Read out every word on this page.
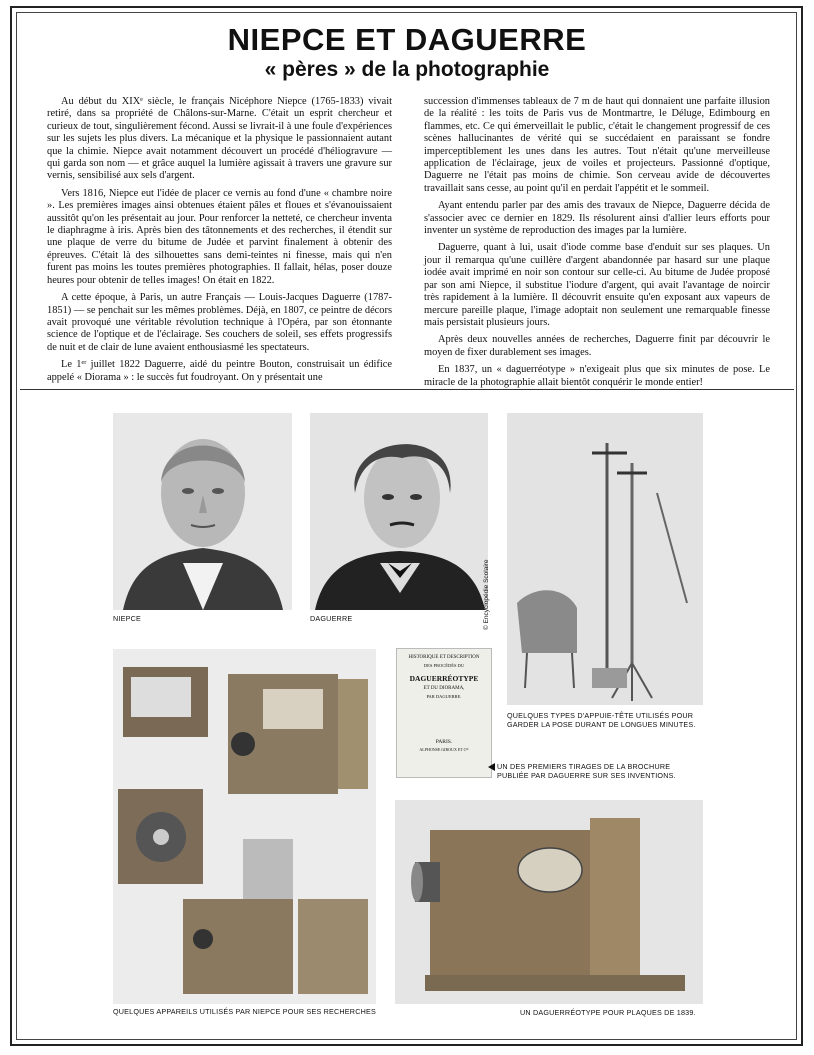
NIEPCE ET DAGUERRE
« pères » de la photographie

Au début du XIXᵉ siècle, le français Nicéphore Niepce (1765-1833) vivait retiré, dans sa propriété de Châlons-sur-Marne. C'était un esprit chercheur et curieux de tout, singulièrement fécond. Aussi se livrait-il à une foule d'expériences sur les sujets les plus divers. La mécanique et la physique le passionnaient autant que la chimie. Niepce avait notamment découvert un procédé d'héliogravure — qui garda son nom — et grâce auquel la lumière agissait à travers une gravure sur vernis, sensibilisé aux sels d'argent.

Vers 1816, Niepce eut l'idée de placer ce vernis au fond d'une « chambre noire ». Les premières images ainsi obtenues étaient pâles et floues et s'évanouissaient aussitôt qu'on les présentait au jour. Pour renforcer la netteté, ce chercheur inventa le diaphragme à iris. Après bien des tâtonnements et des recherches, il étendit sur une plaque de verre du bitume de Judée et parvint finalement à obtenir des épreuves. C'était là des silhouettes sans demi-teintes ni finesse, mais qui n'en furent pas moins les toutes premières photographies. Il fallait, hélas, poser douze heures pour obtenir de telles images! On était en 1822.

A cette époque, à Paris, un autre Français — Louis-Jacques Daguerre (1787-1851) — se penchait sur les mêmes problèmes. Déjà, en 1807, ce peintre de décors avait provoqué une véritable révolution technique à l'Opéra, par son étonnante science de l'optique et de l'éclairage. Ses couchers de soleil, ses effets progressifs de nuit et de clair de lune avaient enthousiasmé les spectateurs.

Le 1ᵉʳ juillet 1822 Daguerre, aidé du peintre Bouton, construisait un édifice appelé « Diorama » : le succès fut foudroyant. On y présentait une

succession d'immenses tableaux de 7 m de haut qui donnaient une parfaite illusion de la réalité : les toits de Paris vus de Montmartre, le Déluge, Edimbourg en flammes, etc. Ce qui émerveillait le public, c'était le changement progressif de ces scènes hallucinantes de vérité qui se succédaient en paraissant se fondre imperceptiblement les unes dans les autres. Tout n'était qu'une merveilleuse application de l'éclairage, jeux de voiles et projecteurs. Passionné d'optique, Daguerre ne l'était pas moins de chimie. Son cerveau avide de découvertes travaillait sans cesse, au point qu'il en perdait l'appétit et le sommeil.

Ayant entendu parler par des amis des travaux de Niepce, Daguerre décida de s'associer avec ce dernier en 1829. Ils résolurent ainsi d'allier leurs efforts pour inventer un système de reproduction des images par la lumière.

Daguerre, quant à lui, usait d'iode comme base d'enduit sur ses plaques. Un jour il remarqua qu'une cuillère d'argent abandonnée par hasard sur une plaque iodée avait imprimé en noir son contour sur celle-ci. Au bitume de Judée proposé par son ami Niepce, il substitue l'iodure d'argent, qui avait l'avantage de noircir très rapidement à la lumière. Il découvrit ensuite qu'en exposant aux vapeurs de mercure pareille plaque, l'image adoptait non seulement une remarquable finesse mais persistait plusieurs jours.

Après deux nouvelles années de recherches, Daguerre finit par découvrir le moyen de fixer durablement ses images.

En 1837, un « daguerréotype » n'exigeait plus que six minutes de pose. Le miracle de la photographie allait bientôt conquérir le monde entier!

NIEPCE	DAGUERRE	© Encyclopédie Scolaire
QUELQUES TYPES D'APPUIE-TÊTE UTILISÉS POUR GARDER LA POSE DURANT DE LONGUES MINUTES.
QUELQUES APPAREILS UTILISÉS PAR NIEPCE POUR SES RECHERCHES
HISTORIQUE ET DESCRIPTION
DES PROCÉDÉS DU
DAGUERRÉOTYPE
ET DU DIORAMA,
PAR DAGUERRE.
PARIS.
ALPHONSE GIROUX ET Cᴵᴱ
UN DES PREMIERS TIRAGES DE LA BROCHURE PUBLIÉE PAR DAGUERRE SUR SES INVENTIONS.
UN DAGUERRÉOTYPE POUR PLAQUES DE 1839.
